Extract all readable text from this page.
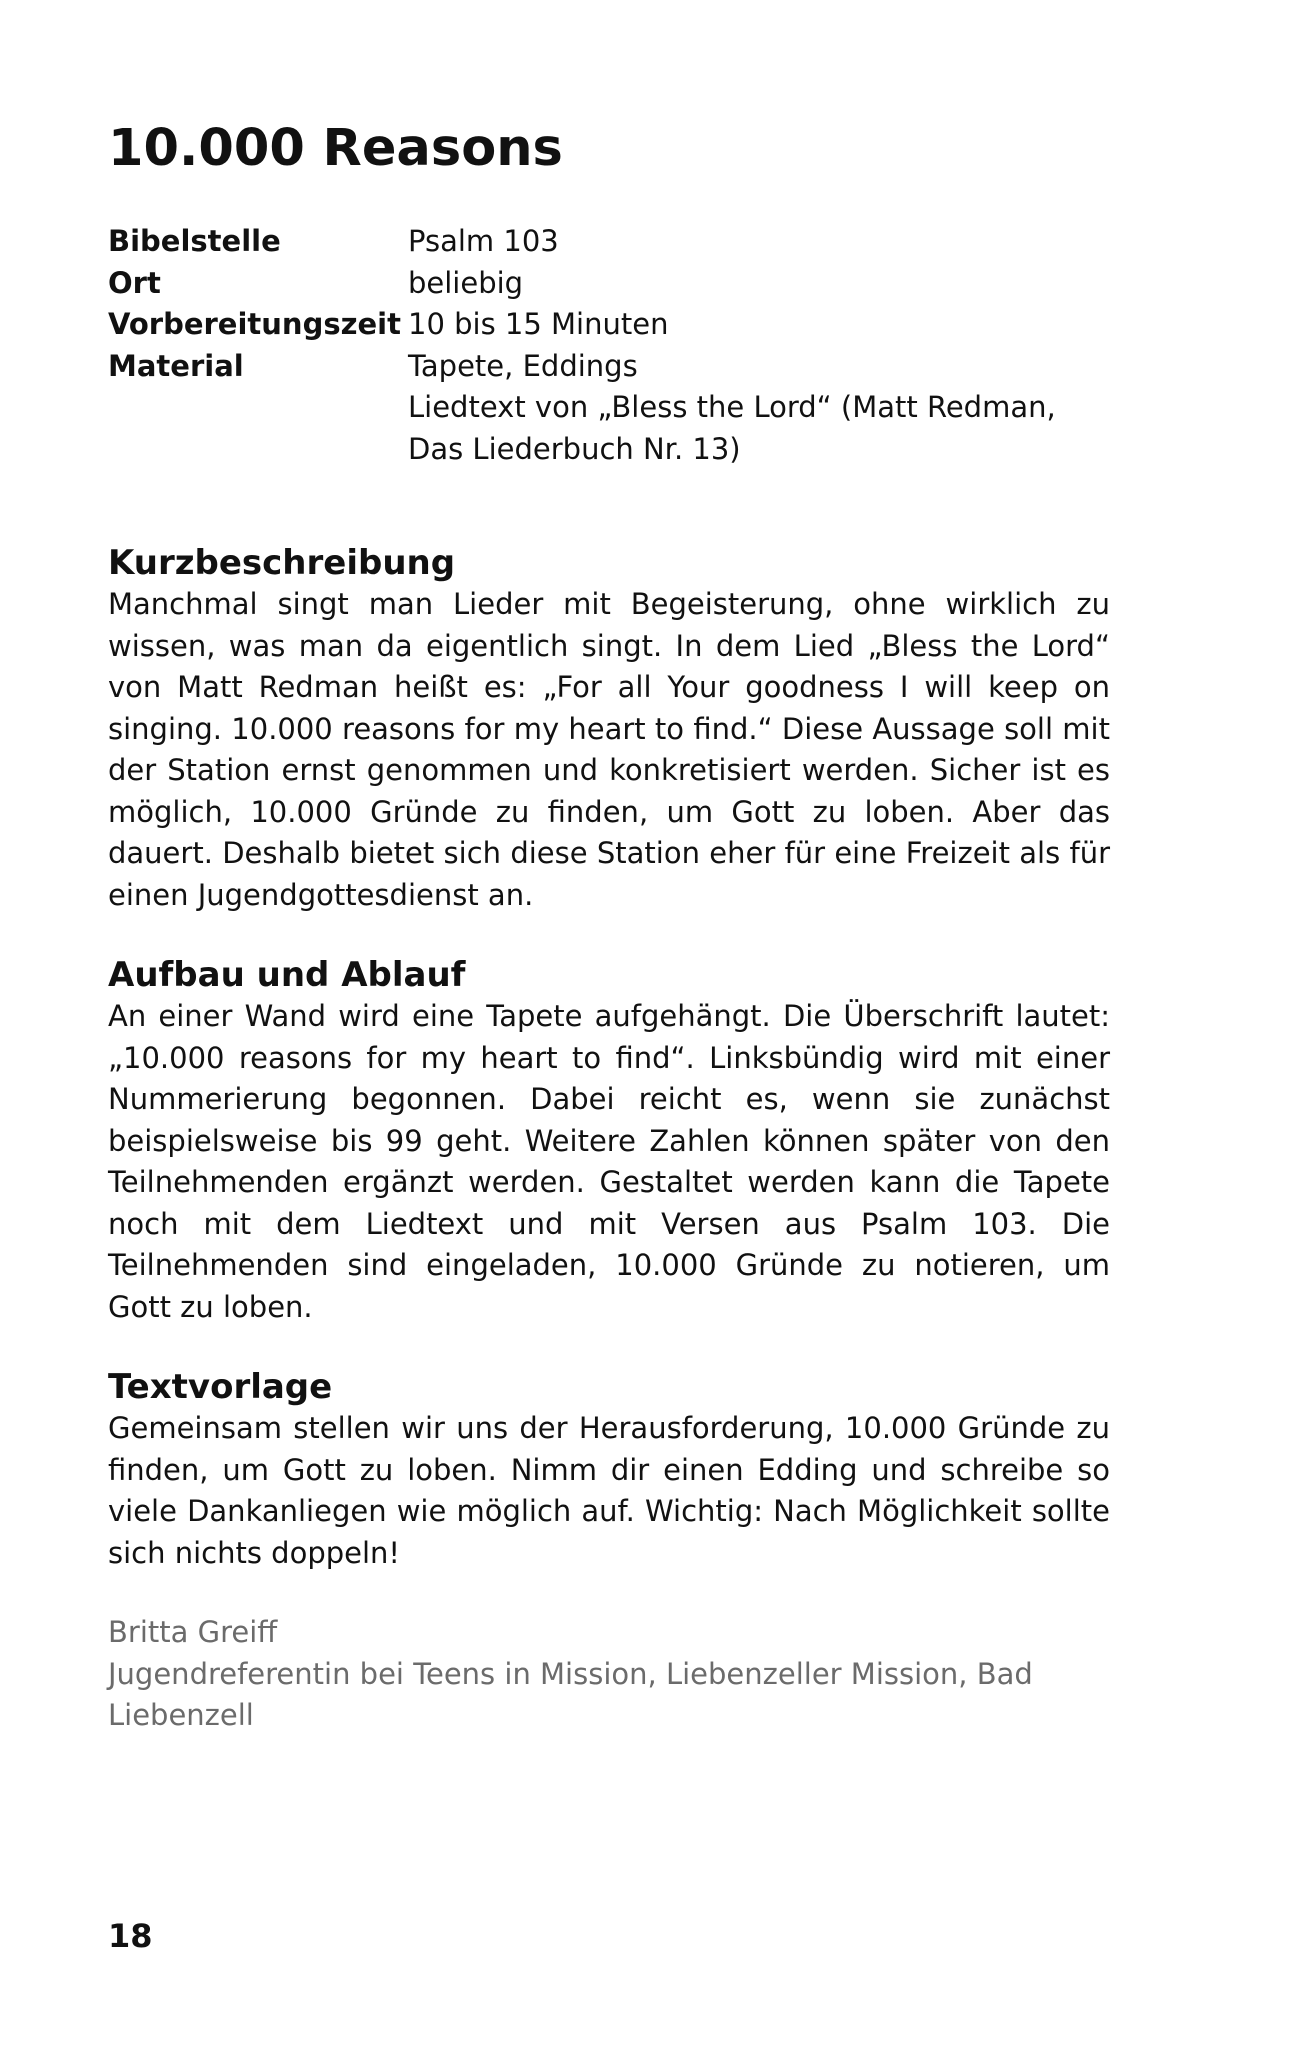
10.000 Reasons
Bibelstelle	Psalm 103
Ort	beliebig
Vorbereitungszeit 10 bis 15 Minuten
Material	Tapete, Eddings
Liedtext von „Bless the Lord“ (Matt Redman,
Das Liederbuch Nr. 13)
Kurzbeschreibung

Manchmal singt man Lieder mit Begeisterung, ohne wirklich zu wissen, was man da eigentlich singt. In dem Lied „Bless the Lord“ von Matt Redman heißt es: „For all Your goodness I will keep on singing. 10.000 reasons for my heart to find.“ Diese Aussage soll mit der Station ernst genommen und konkretisiert werden. Sicher ist es möglich, 10.000 Gründe zu finden, um Gott zu loben. Aber das dauert. Deshalb bietet sich diese Station eher für eine Freizeit als für einen Jugendgottesdienst an.

Aufbau und Ablauf

An einer Wand wird eine Tapete aufgehängt. Die Überschrift lautet: „10.000 reasons for my heart to find“. Linksbündig wird mit einer Nummerierung begonnen. Dabei reicht es, wenn sie zunächst beispielsweise bis 99 geht. Weitere Zahlen können später von den Teilnehmenden ergänzt werden. Gestaltet werden kann die Tapete noch mit dem Liedtext und mit Versen aus Psalm 103. Die Teilnehmenden sind eingeladen, 10.000 Gründe zu notieren, um Gott zu loben.

Textvorlage

Gemeinsam stellen wir uns der Herausforderung, 10.000 Gründe zu finden, um Gott zu loben. Nimm dir einen Edding und schreibe so viele Dankanliegen wie möglich auf. Wichtig: Nach Möglichkeit sollte sich nichts doppeln!

Britta Greiff
Jugendreferentin bei Teens in Mission, Liebenzeller Mission, Bad Liebenzell
18
